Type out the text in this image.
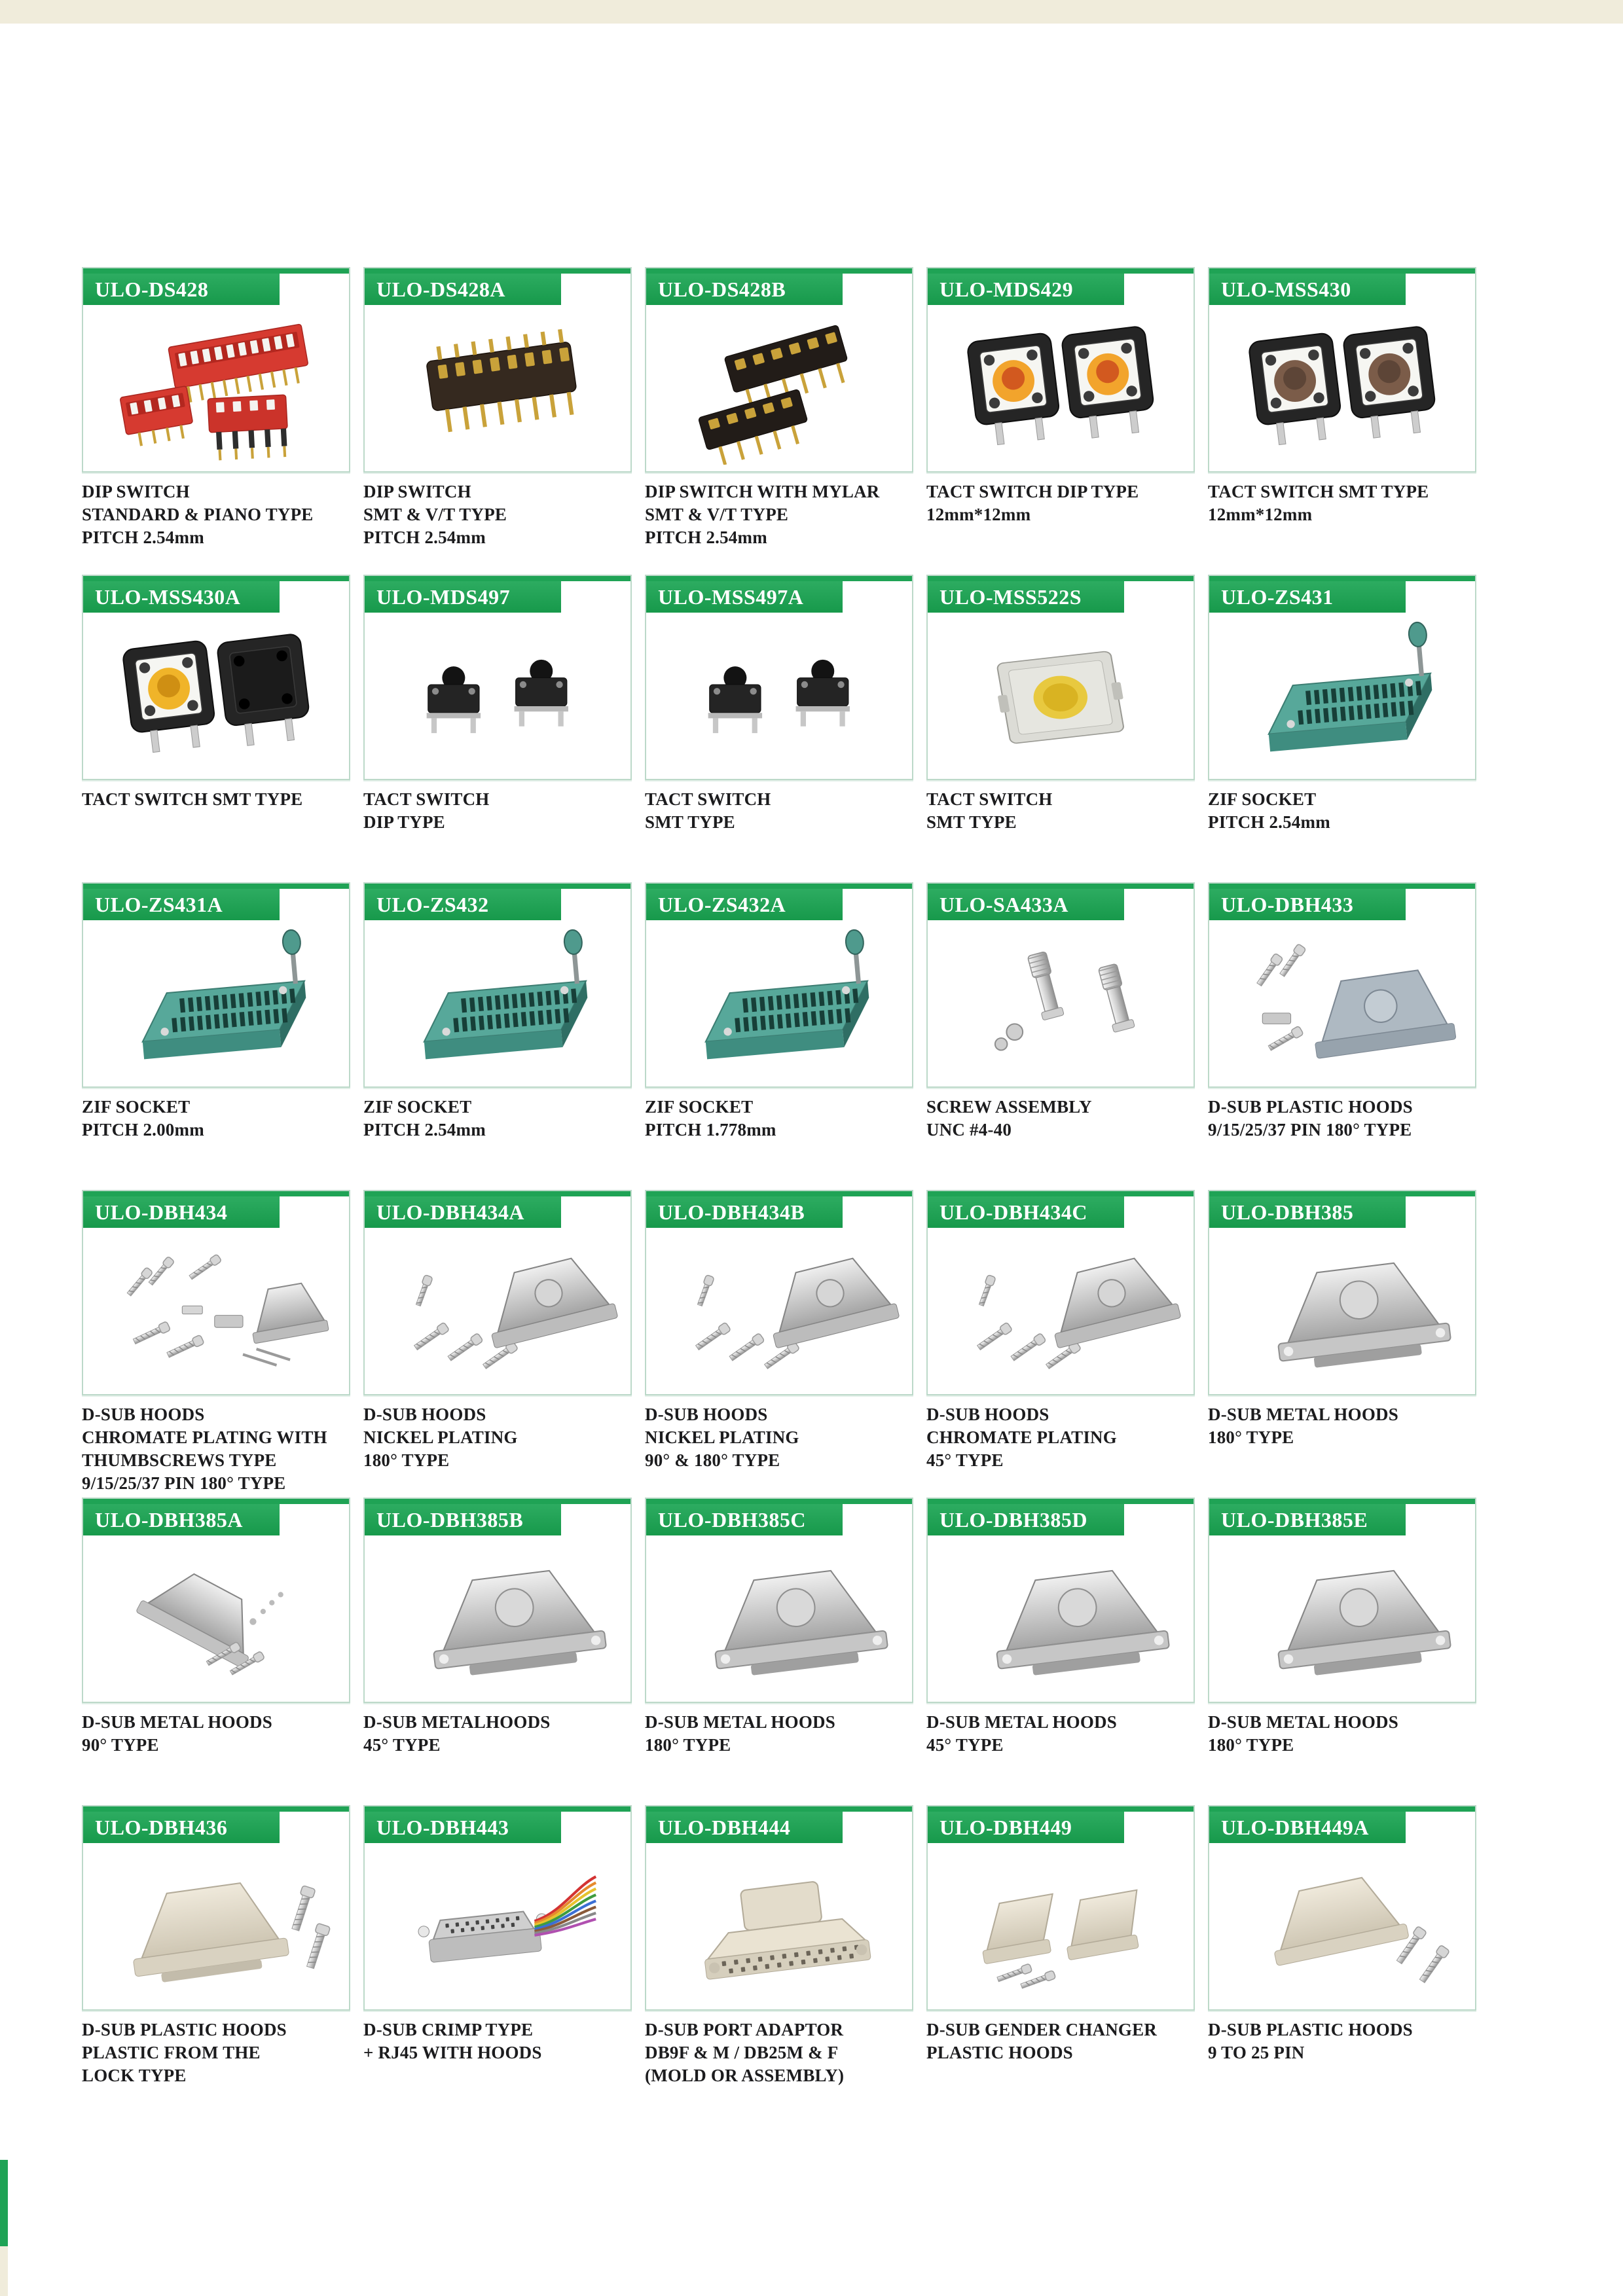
ULO-DS428
DIP SWITCH
STANDARD & PIANO TYPE
PITCH 2.54mm
ULO-DS428A
DIP SWITCH
SMT & V/T TYPE
PITCH 2.54mm
ULO-DS428B
DIP SWITCH WITH MYLAR
SMT & V/T TYPE
PITCH 2.54mm
ULO-MDS429
TACT SWITCH DIP TYPE
12mm*12mm
ULO-MSS430
TACT SWITCH SMT TYPE
12mm*12mm
ULO-MSS430A
TACT SWITCH SMT TYPE
ULO-MDS497
TACT SWITCH
DIP TYPE
ULO-MSS497A
TACT SWITCH
SMT TYPE
ULO-MSS522S
TACT SWITCH
SMT TYPE
ULO-ZS431
ZIF SOCKET
PITCH 2.54mm
ULO-ZS431A
ZIF SOCKET
PITCH 2.00mm
ULO-ZS432
ZIF SOCKET
PITCH 2.54mm
ULO-ZS432A
ZIF SOCKET
PITCH 1.778mm
ULO-SA433A
SCREW ASSEMBLY
UNC #4-40
ULO-DBH433
D-SUB PLASTIC HOODS
9/15/25/37 PIN 180° TYPE
ULO-DBH434
D-SUB HOODS
CHROMATE PLATING WITH
THUMBSCREWS TYPE
9/15/25/37 PIN 180° TYPE
ULO-DBH434A
D-SUB HOODS
NICKEL PLATING
180° TYPE
ULO-DBH434B
D-SUB HOODS
NICKEL PLATING
90° & 180° TYPE
ULO-DBH434C
D-SUB HOODS
CHROMATE PLATING
45° TYPE
ULO-DBH385
D-SUB METAL HOODS
180° TYPE
ULO-DBH385A
D-SUB METAL HOODS
90° TYPE
ULO-DBH385B
D-SUB METALHOODS
45° TYPE
ULO-DBH385C
D-SUB METAL HOODS
180° TYPE
ULO-DBH385D
D-SUB METAL HOODS
45° TYPE
ULO-DBH385E
D-SUB METAL HOODS
180° TYPE
ULO-DBH436
D-SUB PLASTIC HOODS
PLASTIC FROM THE
LOCK TYPE
ULO-DBH443
D-SUB CRIMP TYPE
+ RJ45 WITH HOODS
ULO-DBH444
D-SUB PORT ADAPTOR
DB9F & M / DB25M & F
(MOLD OR ASSEMBLY)
ULO-DBH449
D-SUB GENDER CHANGER
PLASTIC HOODS
ULO-DBH449A
D-SUB PLASTIC HOODS
9 TO 25 PIN
